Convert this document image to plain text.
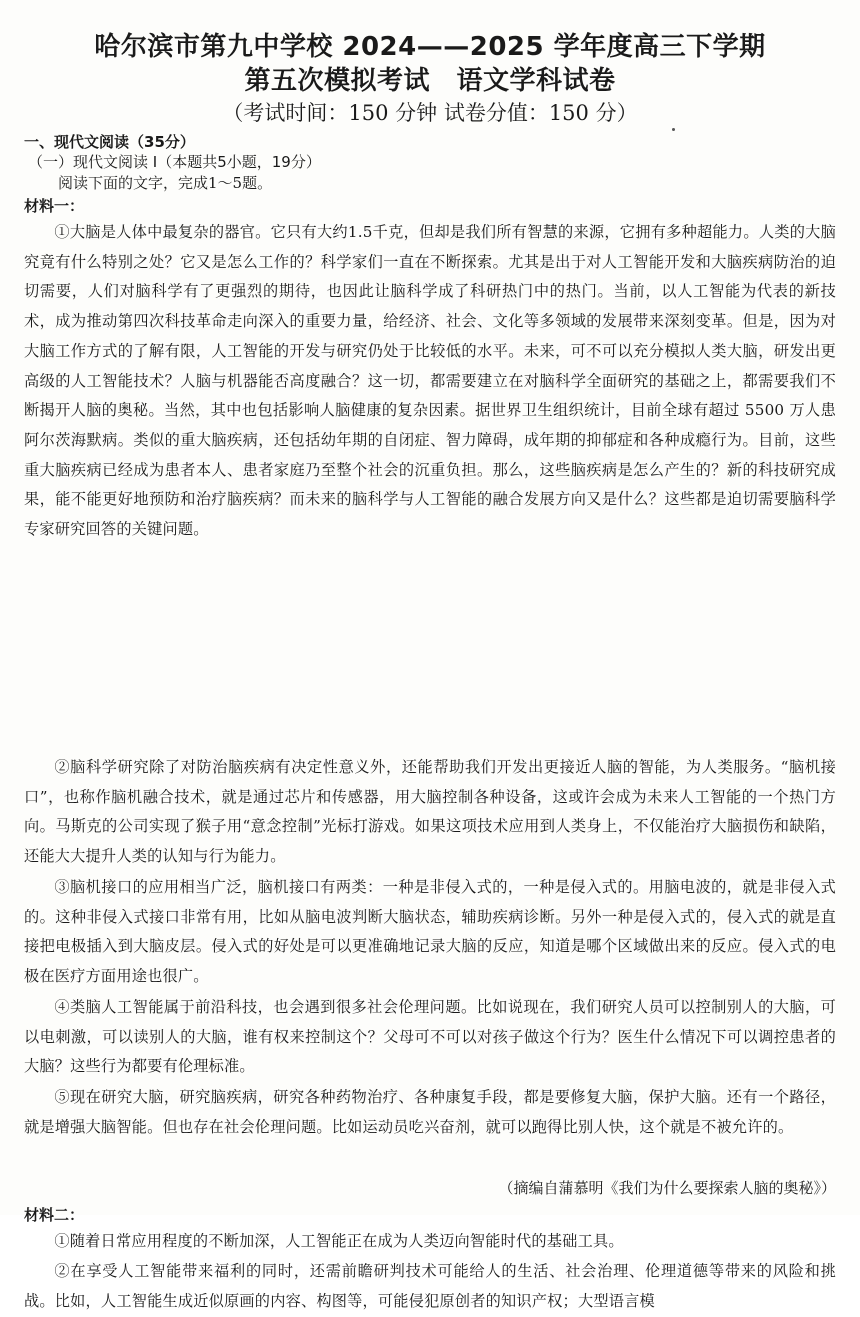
哈尔滨市第九中学校 2024——2025 学年度高三下学期
第五次模拟考试　语文学科试卷
（考试时间：150 分钟 试卷分值：150 分）
一、现代文阅读（35分）
（一）现代文阅读 I（本题共5小题，19分）
阅读下面的文字，完成1～5题。
材料一：

①大脑是人体中最复杂的器官。它只有大约1.5千克，但却是我们所有智慧的来源，它拥有多种超能力。人类的大脑究竟有什么特别之处？它又是怎么工作的？科学家们一直在不断探索。尤其是出于对人工智能开发和大脑疾病防治的迫切需要，人们对脑科学有了更强烈的期待，也因此让脑科学成了科研热门中的热门。当前，以人工智能为代表的新技术，成为推动第四次科技革命走向深入的重要力量，给经济、社会、文化等多领域的发展带来深刻变革。但是，因为对大脑工作方式的了解有限，人工智能的开发与研究仍处于比较低的水平。未来，可不可以充分模拟人类大脑，研发出更高级的人工智能技术？人脑与机器能否高度融合？这一切，都需要建立在对脑科学全面研究的基础之上，都需要我们不断揭开人脑的奥秘。当然，其中也包括影响人脑健康的复杂因素。据世界卫生组织统计，目前全球有超过 5500 万人患阿尔茨海默病。类似的重大脑疾病，还包括幼年期的自闭症、智力障碍，成年期的抑郁症和各种成瘾行为。目前，这些重大脑疾病已经成为患者本人、患者家庭乃至整个社会的沉重负担。那么，这些脑疾病是怎么产生的？新的科技研究成果，能不能更好地预防和治疗脑疾病？而未来的脑科学与人工智能的融合发展方向又是什么？这些都是迫切需要脑科学专家研究回答的关键问题。

②脑科学研究除了对防治脑疾病有决定性意义外，还能帮助我们开发出更接近人脑的智能，为人类服务。“脑机接口”，也称作脑机融合技术，就是通过芯片和传感器，用大脑控制各种设备，这或许会成为未来人工智能的一个热门方向。马斯克的公司实现了猴子用“意念控制”光标打游戏。如果这项技术应用到人类身上，不仅能治疗大脑损伤和缺陷，还能大大提升人类的认知与行为能力。

③脑机接口的应用相当广泛，脑机接口有两类：一种是非侵入式的，一种是侵入式的。用脑电波的，就是非侵入式的。这种非侵入式接口非常有用，比如从脑电波判断大脑状态，辅助疾病诊断。另外一种是侵入式的，侵入式的就是直接把电极插入到大脑皮层。侵入式的好处是可以更准确地记录大脑的反应，知道是哪个区域做出来的反应。侵入式的电极在医疗方面用途也很广。

④类脑人工智能属于前沿科技，也会遇到很多社会伦理问题。比如说现在，我们研究人员可以控制别人的大脑，可以电刺激，可以读别人的大脑，谁有权来控制这个？父母可不可以对孩子做这个行为？医生什么情况下可以调控患者的大脑？这些行为都要有伦理标准。

⑤现在研究大脑，研究脑疾病，研究各种药物治疗、各种康复手段，都是要修复大脑，保护大脑。还有一个路径，就是增强大脑智能。但也存在社会伦理问题。比如运动员吃兴奋剂，就可以跑得比别人快，这个就是不被允许的。

（摘编自蒲慕明《我们为什么要探索人脑的奥秘》）
材料二：

①随着日常应用程度的不断加深，人工智能正在成为人类迈向智能时代的基础工具。

②在享受人工智能带来福利的同时，还需前瞻研判技术可能给人的生活、社会治理、伦理道德等带来的风险和挑战。比如，人工智能生成近似原画的内容、构图等，可能侵犯原创者的知识产权；大型语言模
